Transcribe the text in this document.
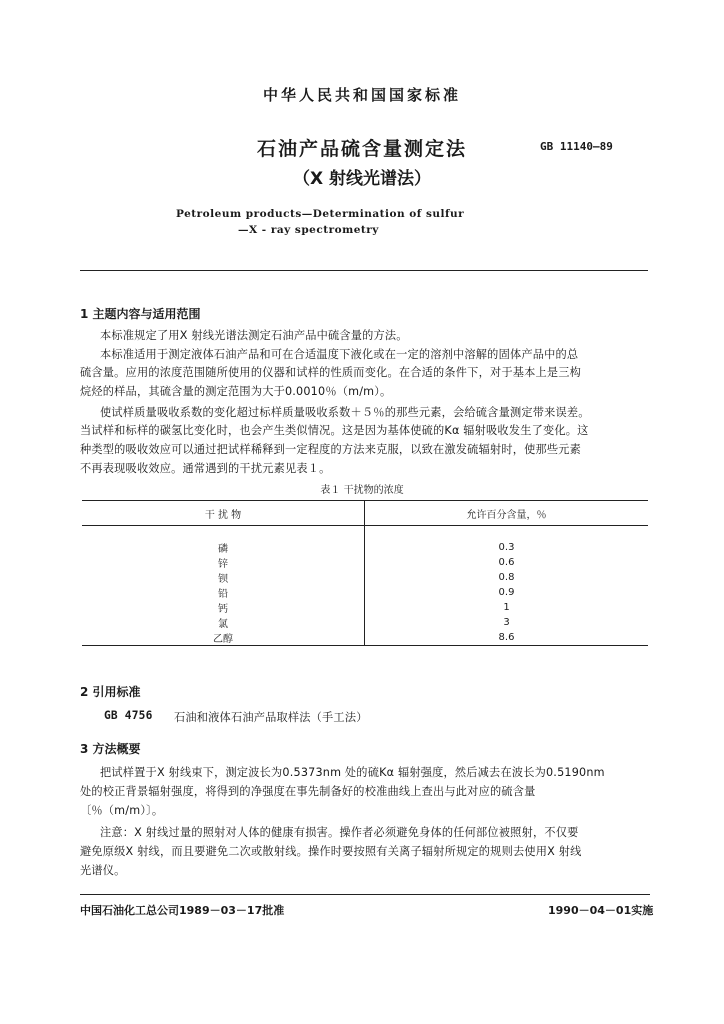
中华人民共和国国家标准
石油产品硫含量测定法
（X 射线光谱法）
GB 11140—89
Petroleum products—Determination of sulfur
—X - ray spectrometry
1 主题内容与适用范围
本标准规定了用X 射线光谱法测定石油产品中硫含量的方法。
本标准适用于测定液体石油产品和可在合适温度下液化或在一定的溶剂中溶解的固体产品中的总
硫含量。应用的浓度范围随所使用的仪器和试样的性质而变化。在合适的条件下，对于基本上是三构
烷烃的样品，其硫含量的测定范围为大于0.0010％（m/m）。
使试样质量吸收系数的变化超过标样质量吸收系数＋５％的那些元素，会给硫含量测定带来误差。
当试样和标样的碳氢比变化时，也会产生类似情况。这是因为基体使硫的Kα 辐射吸收发生了变化。这
种类型的吸收效应可以通过把试样稀释到一定程度的方法来克服，以致在激发硫辐射时，使那些元素
不再表现吸收效应。通常遇到的干扰元素见表１。
表１ 干扰物的浓度
干 扰 物	允许百分含量，％

磷	0.3
锌	0.6
钡	0.8
铅	0.9
钙	1
氯	3
乙醇	8.6
2 引用标准
GB 4756 石油和液体石油产品取样法（手工法）
3 方法概要
把试样置于X 射线束下，测定波长为0.5373nm 处的硫Kα 辐射强度，然后减去在波长为0.5190nm
处的校正背景辐射强度，将得到的净强度在事先制备好的校准曲线上查出与此对应的硫含量
〔％（m/m）〕。
注意：X 射线过量的照射对人体的健康有损害。操作者必须避免身体的任何部位被照射，不仅要
避免原级X 射线，而且要避免二次或散射线。操作时要按照有关离子辐射所规定的规则去使用X 射线
光谱仪。
中国石油化工总公司1989－03－17批准	1990－04－01实施
